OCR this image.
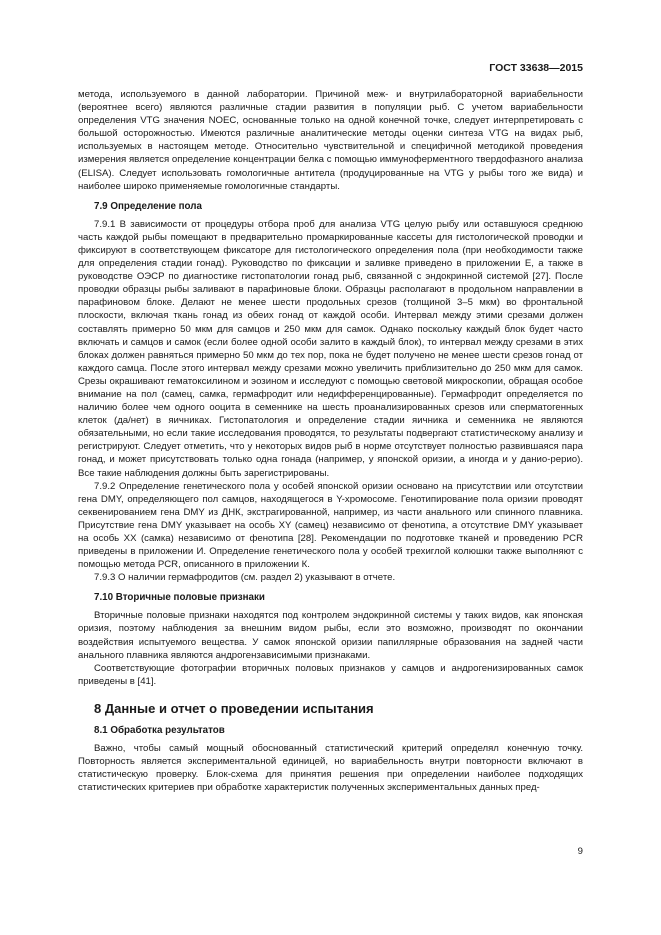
ГОСТ 33638—2015

метода, используемого в данной лаборатории. Причиной меж- и внутрилабораторной вариабельности (вероятнее всего) являются различные стадии развития в популяции рыб. С учетом вариабельности определения VTG значения NOEC, основанные только на одной конечной точке, следует интерпретировать с большой осторожностью. Имеются различные аналитические методы оценки синтеза VTG на видах рыб, используемых в настоящем методе. Относительно чувствительной и специфичной методикой проведения измерения является определение концентрации белка с помощью иммуноферментного твердофазного анализа (ELISA). Следует использовать гомологичные антитела (продуцированные на VTG у рыбы того же вида) и наиболее широко применяемые гомологичные стандарты.

7.9 Определение пола

7.9.1 В зависимости от процедуры отбора проб для анализа VTG целую рыбу или оставшуюся среднюю часть каждой рыбы помещают в предварительно промаркированные кассеты для гистологической проводки и фиксируют в соответствующем фиксаторе для гистологического определения пола (при необходимости также для определения стадии гонад). Руководство по фиксации и заливке приведено в приложении Е, а также в руководстве ОЭСР по диагностике гистопатологии гонад рыб, связанной с эндокринной системой [27]. После проводки образцы рыбы заливают в парафиновые блоки. Образцы располагают в продольном направлении в парафиновом блоке. Делают не менее шести продольных срезов (толщиной 3–5 мкм) во фронтальной плоскости, включая ткань гонад из обеих гонад от каждой особи. Интервал между этими срезами должен составлять примерно 50 мкм для самцов и 250 мкм для самок. Однако поскольку каждый блок будет часто включать и самцов и самок (если более одной особи залито в каждый блок), то интервал между срезами в этих блоках должен равняться примерно 50 мкм до тех пор, пока не будет получено не менее шести срезов гонад от каждого самца. После этого интервал между срезами можно увеличить приблизительно до 250 мкм для самок. Срезы окрашивают гематоксилином и эозином и исследуют с помощью световой микроскопии, обращая особое внимание на пол (самец, самка, гермафродит или недифференцированные). Гермафродит определяется по наличию более чем одного ооцита в семеннике на шесть проанализированных срезов или сперматогенных клеток (да/нет) в яичниках. Гистопатология и определение стадии яичника и семенника не являются обязательными, но если такие исследования проводятся, то результаты подвергают статистическому анализу и регистрируют. Следует отметить, что у некоторых видов рыб в норме отсутствует полностью развившаяся пара гонад, и может присутствовать только одна гонада (например, у японской оризии, а иногда и у данио-рерио). Все такие наблюдения должны быть зарегистрированы.

7.9.2 Определение генетического пола у особей японской оризии основано на присутствии или отсутствии гена DMY, определяющего пол самцов, находящегося в Y-хромосоме. Генотипирование пола оризии проводят секвенированием гена DMY из ДНК, экстрагированной, например, из части анального или спинного плавника. Присутствие гена DMY указывает на особь XY (самец) независимо от фенотипа, а отсутствие DMY указывает на особь XX (самка) независимо от фенотипа [28]. Рекомендации по подготовке тканей и проведению PCR приведены в приложении И. Определение генетического пола у особей трехиглой колюшки также выполняют с помощью метода PCR, описанного в приложении К.

7.9.3 О наличии гермафродитов (см. раздел 2) указывают в отчете.

7.10 Вторичные половые признаки

Вторичные половые признаки находятся под контролем эндокринной системы у таких видов, как японская оризия, поэтому наблюдения за внешним видом рыбы, если это возможно, производят по окончании воздействия испытуемого вещества. У самок японской оризии папиллярные образования на задней части анального плавника являются андрогензависимыми признаками.

Соответствующие фотографии вторичных половых признаков у самцов и андрогенизированных самок приведены в [41].

8 Данные и отчет о проведении испытания
8.1 Обработка результатов

Важно, чтобы самый мощный обоснованный статистический критерий определял конечную точку. Повторность является экспериментальной единицей, но вариабельность внутри повторности включают в статистическую проверку. Блок-схема для принятия решения при определении наиболее подходящих статистических критериев при обработке характеристик полученных экспериментальных данных пред-

9
